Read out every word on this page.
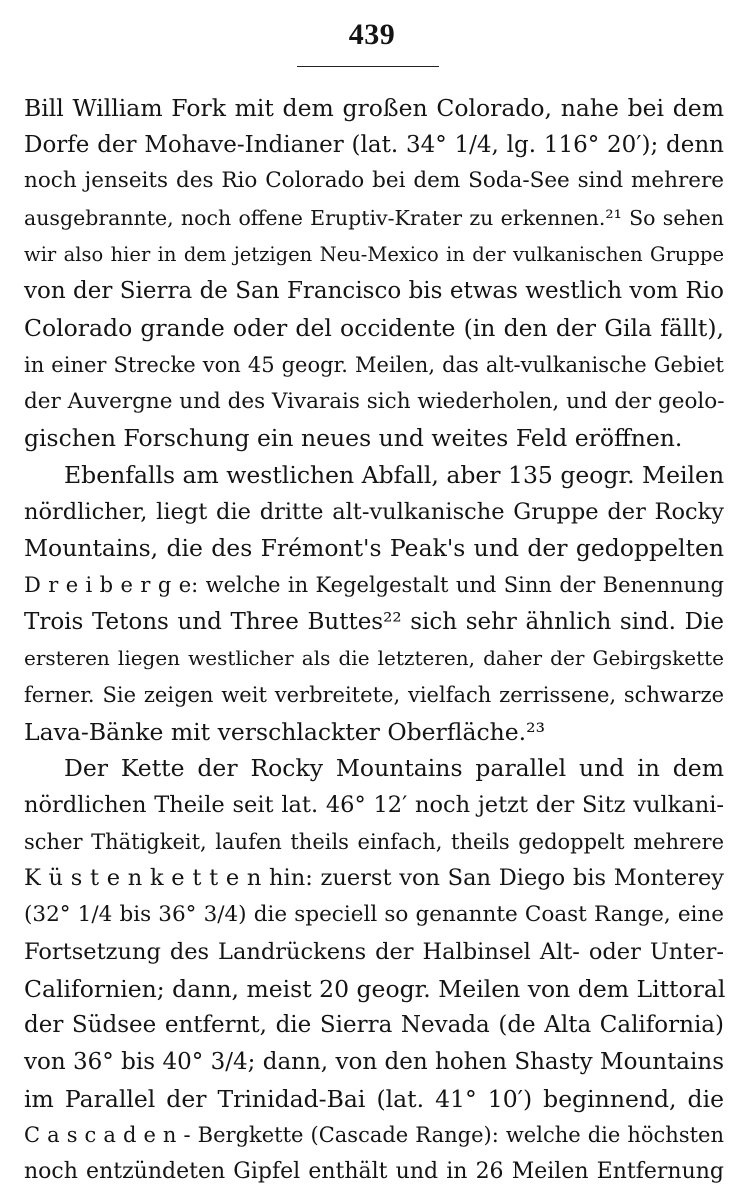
439
Bill William Fork mit dem großen Colorado, nahe bei dem
Dorfe der Mohave-Indianer (lat. 34° 1/4, lg. 116° 20′); denn
noch jenseits des Rio Colorado bei dem Soda-See sind mehrere
ausgebrannte, noch offene Eruptiv-Krater zu erkennen.²¹ So sehen
wir also hier in dem jetzigen Neu-Mexico in der vulkanischen Gruppe
von der Sierra de San Francisco bis etwas westlich vom Rio
Colorado grande oder del occidente (in den der Gila fällt),
in einer Strecke von 45 geogr. Meilen, das alt-vulkanische Gebiet
der Auvergne und des Vivarais sich wiederholen, und der geolo-
gischen Forschung ein neues und weites Feld eröffnen.
Ebenfalls am westlichen Abfall, aber 135 geogr. Meilen
nördlicher, liegt die dritte alt-vulkanische Gruppe der Rocky
Mountains, die des Frémont's Peak's und der gedoppelten
D r e i b e r g e: welche in Kegelgestalt und Sinn der Benennung
Trois Tetons und Three Buttes²² sich sehr ähnlich sind. Die
ersteren liegen westlicher als die letzteren, daher der Gebirgskette
ferner. Sie zeigen weit verbreitete, vielfach zerrissene, schwarze
Lava-Bänke mit verschlackter Oberfläche.²³
Der Kette der Rocky Mountains parallel und in dem
nördlichen Theile seit lat. 46° 12′ noch jetzt der Sitz vulkani-
scher Thätigkeit, laufen theils einfach, theils gedoppelt mehrere
K ü s t e n k e t t e n hin: zuerst von San Diego bis Monterey
(32° 1/4 bis 36° 3/4) die speciell so genannte Coast Range, eine
Fortsetzung des Landrückens der Halbinsel Alt- oder Unter-
Californien; dann, meist 20 geogr. Meilen von dem Littoral
der Südsee entfernt, die Sierra Nevada (de Alta California)
von 36° bis 40° 3/4; dann, von den hohen Shasty Mountains
im Parallel der Trinidad-Bai (lat. 41° 10′) beginnend, die
C a s c a d e n - Bergkette (Cascade Range): welche die höchsten
noch entzündeten Gipfel enthält und in 26 Meilen Entfernung
